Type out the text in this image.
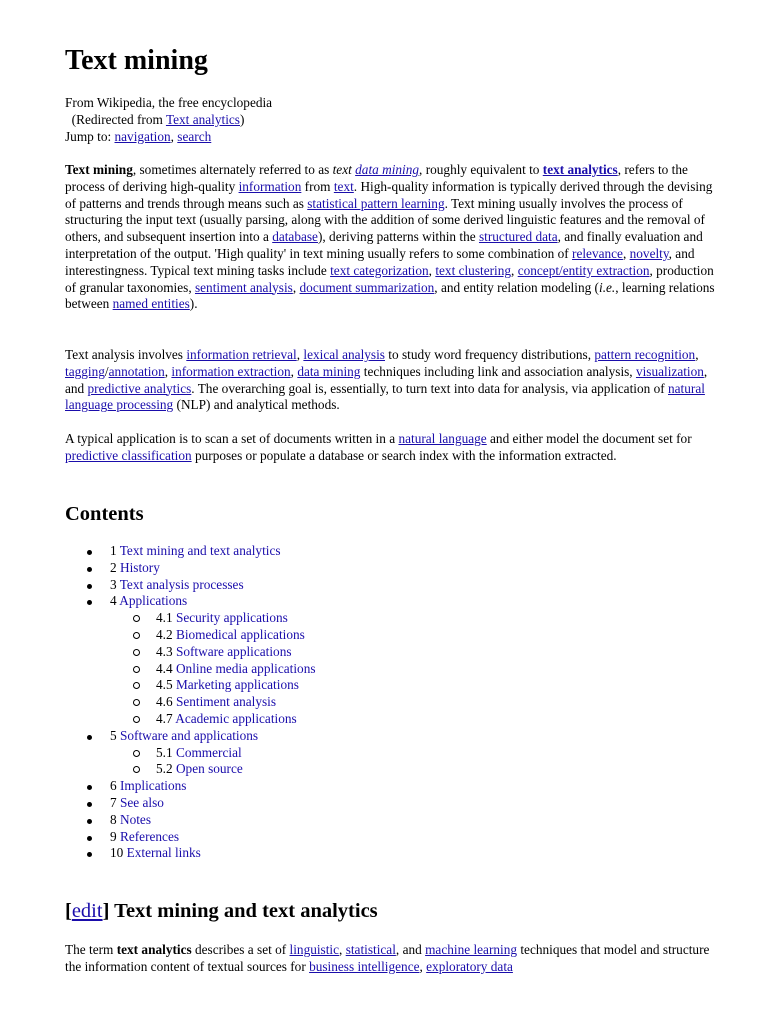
Text mining
From Wikipedia, the free encyclopedia
(Redirected from Text analytics)
Jump to: navigation, search

Text mining, sometimes alternately referred to as text data mining, roughly equivalent to text analytics, refers to the process of deriving high-quality information from text. High-quality information is typically derived through the devising of patterns and trends through means such as statistical pattern learning. Text mining usually involves the process of structuring the input text (usually parsing, along with the addition of some derived linguistic features and the removal of others, and subsequent insertion into a database), deriving patterns within the structured data, and finally evaluation and interpretation of the output. 'High quality' in text mining usually refers to some combination of relevance, novelty, and interestingness. Typical text mining tasks include text categorization, text clustering, concept/entity extraction, production of granular taxonomies, sentiment analysis, document summarization, and entity relation modeling (i.e., learning relations between named entities).

Text analysis involves information retrieval, lexical analysis to study word frequency distributions, pattern recognition, tagging/annotation, information extraction, data mining techniques including link and association analysis, visualization, and predictive analytics. The overarching goal is, essentially, to turn text into data for analysis, via application of natural language processing (NLP) and analytical methods.

A typical application is to scan a set of documents written in a natural language and either model the document set for predictive classification purposes or populate a database or search index with the information extracted.

Contents
1 Text mining and text analytics
2 History
3 Text analysis processes
4 Applications
4.1 Security applications
4.2 Biomedical applications
4.3 Software applications
4.4 Online media applications
4.5 Marketing applications
4.6 Sentiment analysis
4.7 Academic applications
5 Software and applications
5.1 Commercial
5.2 Open source
6 Implications
7 See also
8 Notes
9 References
10 External links
[edit] Text mining and text analytics

The term text analytics describes a set of linguistic, statistical, and machine learning techniques that model and structure the information content of textual sources for business intelligence, exploratory data
